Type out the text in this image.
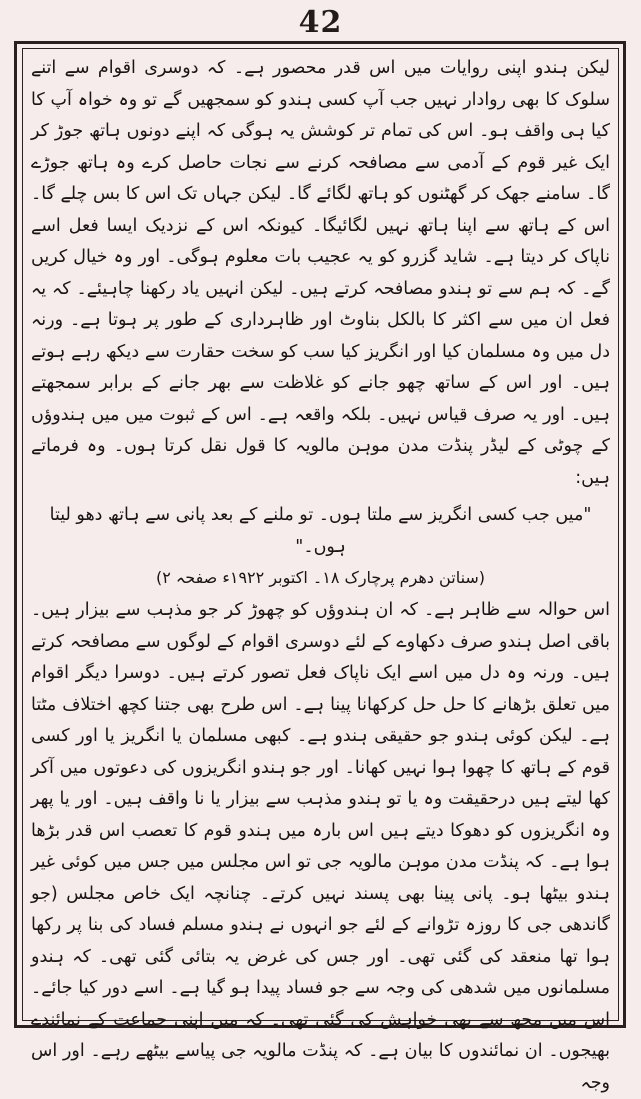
42

لیکن ہندو اپنی روایات میں اس قدر محصور ہے۔ کہ دوسری اقوام سے اتنے سلوک کا بھی روادار نہیں جب آپ کسی ہندو کو سمجھیں گے تو وہ خواہ آپ کا کیا ہی واقف ہو۔ اس کی تمام تر کوشش یہ ہوگی کہ اپنے دونوں ہاتھ جوڑ کر ایک غیر قوم کے آدمی سے مصافحہ کرنے سے نجات حاصل کرے وہ ہاتھ جوڑے گا۔ سامنے جھک کر گھٹنوں کو ہاتھ لگائے گا۔ لیکن جہاں تک اس کا بس چلے گا۔ اس کے ہاتھ سے اپنا ہاتھ نہیں لگائیگا۔ کیونکہ اس کے نزدیک ایسا فعل اسے ناپاک کر دیتا ہے۔ شاید گزرو کو یہ عجیب بات معلوم ہوگی۔ اور وہ خیال کریں گے۔ کہ ہم سے تو ہندو مصافحہ کرتے ہیں۔ لیکن انہیں یاد رکھنا چاہیئے۔ کہ یہ فعل ان میں سے اکثر کا بالکل بناوٹ اور ظاہرداری کے طور پر ہوتا ہے۔ ورنہ دل میں وہ مسلمان کیا اور انگریز کیا سب کو سخت حقارت سے دیکھ رہے ہوتے ہیں۔ اور اس کے ساتھ چھو جانے کو غلاظت سے بھر جانے کے برابر سمجھتے ہیں۔ اور یہ صرف قیاس نہیں۔ بلکہ واقعہ ہے۔ اس کے ثبوت میں میں ہندوؤں کے چوٹی کے لیڈر پنڈت مدن موہن مالویہ کا قول نقل کرتا ہوں۔ وہ فرماتے ہیں:

"میں جب کسی انگریز سے ملتا ہوں۔ تو ملنے کے بعد پانی سے ہاتھ دھو لیتا ہوں۔"

(سناتن دھرم پرچارک ۱۸۔ اکتوبر ۱۹۲۲ء صفحہ ۲)

اس حوالہ سے ظاہر ہے۔ کہ ان ہندوؤں کو چھوڑ کر جو مذہب سے بیزار ہیں۔ باقی اصل ہندو صرف دکھاوے کے لئے دوسری اقوام کے لوگوں سے مصافحہ کرتے ہیں۔ ورنہ وہ دل میں اسے ایک ناپاک فعل تصور کرتے ہیں۔ دوسرا دیگر اقوام میں تعلق بڑھانے کا حل حل کرکھانا پینا ہے۔ اس طرح بھی جتنا کچھ اختلاف مٹتا ہے۔ لیکن کوئی ہندو جو حقیقی ہندو ہے۔ کبھی مسلمان یا انگریز یا اور کسی قوم کے ہاتھ کا چھوا ہوا نہیں کھانا۔ اور جو ہندو انگریزوں کی دعوتوں میں آکر کھا لیتے ہیں درحقیقت وہ یا تو ہندو مذہب سے بیزار یا نا واقف ہیں۔ اور یا پھر وہ انگریزوں کو دھوکا دیتے ہیں اس بارہ میں ہندو قوم کا تعصب اس قدر بڑھا ہوا ہے۔ کہ پنڈت مدن موہن مالویہ جی تو اس مجلس میں جس میں کوئی غیر ہندو بیٹھا ہو۔ پانی پینا بھی پسند نہیں کرتے۔ چنانچہ ایک خاص مجلس (جو گاندھی جی کا روزہ تڑوانے کے لئے جو انہوں نے ہندو مسلم فساد کی بنا پر رکھا ہوا تھا منعقد کی گئی تھی۔ اور جس کی غرض یہ بتائی گئی تھی۔ کہ ہندو مسلمانوں میں شدھی کی وجہ سے جو فساد پیدا ہو گیا ہے۔ اسے دور کیا جائے۔ اس میں مجھ سے بھی خواہش کی گئی تھی۔ کہ میں اپنی جماعت کے نمائندے بھیجوں۔ ان نمائندوں کا بیان ہے۔ کہ پنڈت مالویہ جی پیاسے بیٹھے رہے۔ اور اس وجہ
